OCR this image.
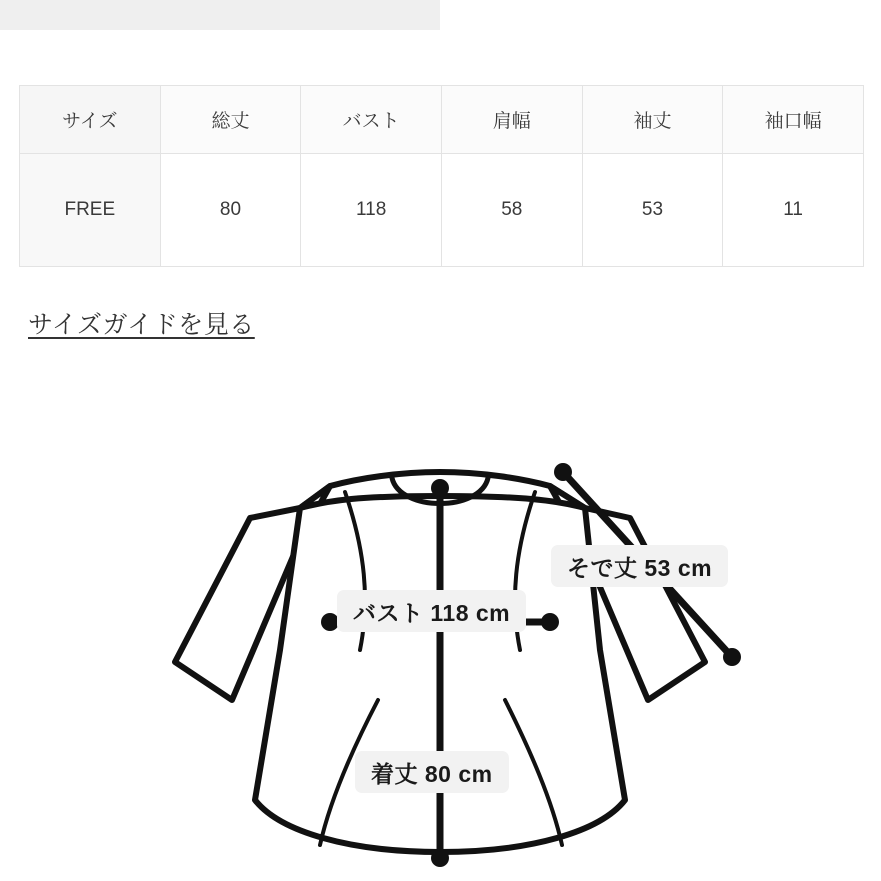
サイズ	総丈	バスト	肩幅	袖丈	袖口幅
FREE	80	118	58	53	11
サイズガイドを見る
そで丈 53 cm
バスト 118 cm
着丈 80 cm
